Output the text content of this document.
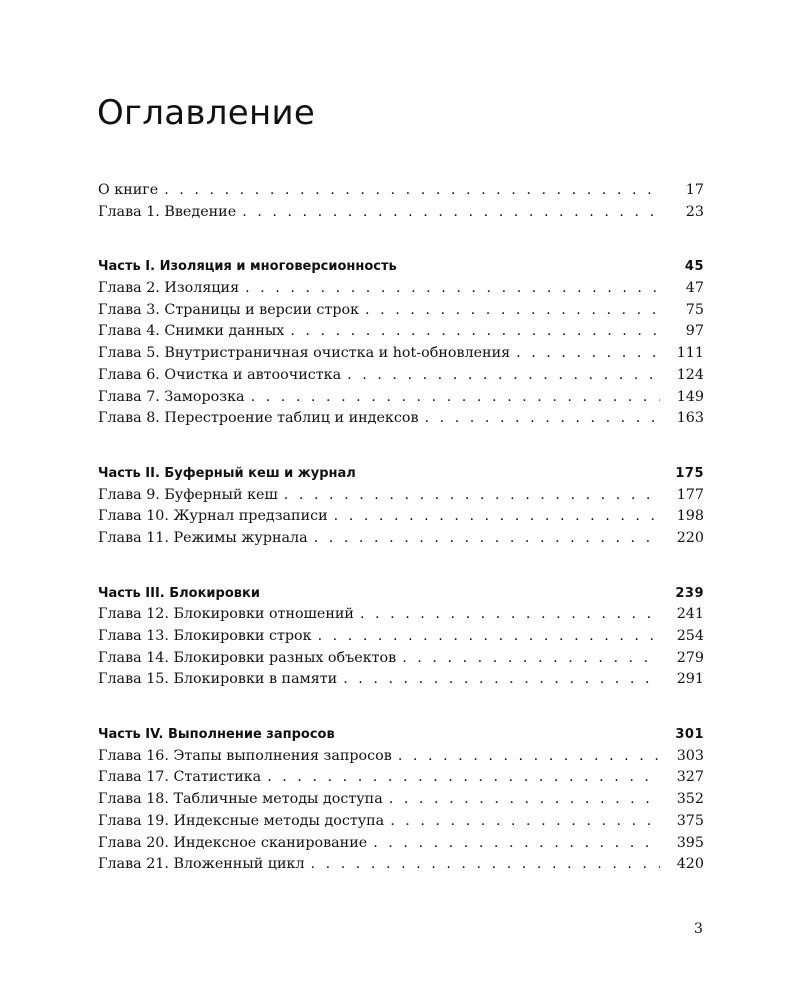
Оглавление
О книге . . .	17
Глава 1. Введение . . .	23
Часть I. Изоляция и многоверсионность	45
Глава 2. Изоляция . . .	47
Глава 3. Страницы и версии строк . . .	75
Глава 4. Снимки данных . . .	97
Глава 5. Внутристраничная очистка и hot-обновления . . .	111
Глава 6. Очистка и автоочистка . . .	124
Глава 7. Заморозка . . .	149
Глава 8. Перестроение таблиц и индексов . . .	163
Часть II. Буферный кеш и журнал	175
Глава 9. Буферный кеш . . .	177
Глава 10. Журнал предзаписи . . .	198
Глава 11. Режимы журнала . . .	220
Часть III. Блокировки	239
Глава 12. Блокировки отношений . . .	241
Глава 13. Блокировки строк . . .	254
Глава 14. Блокировки разных объектов . . .	279
Глава 15. Блокировки в памяти . . .	291
Часть IV. Выполнение запросов	301
Глава 16. Этапы выполнения запросов . . .	303
Глава 17. Статистика . . .	327
Глава 18. Табличные методы доступа . . .	352
Глава 19. Индексные методы доступа . . .	375
Глава 20. Индексное сканирование . . .	395
Глава 21. Вложенный цикл . . .	420
3
